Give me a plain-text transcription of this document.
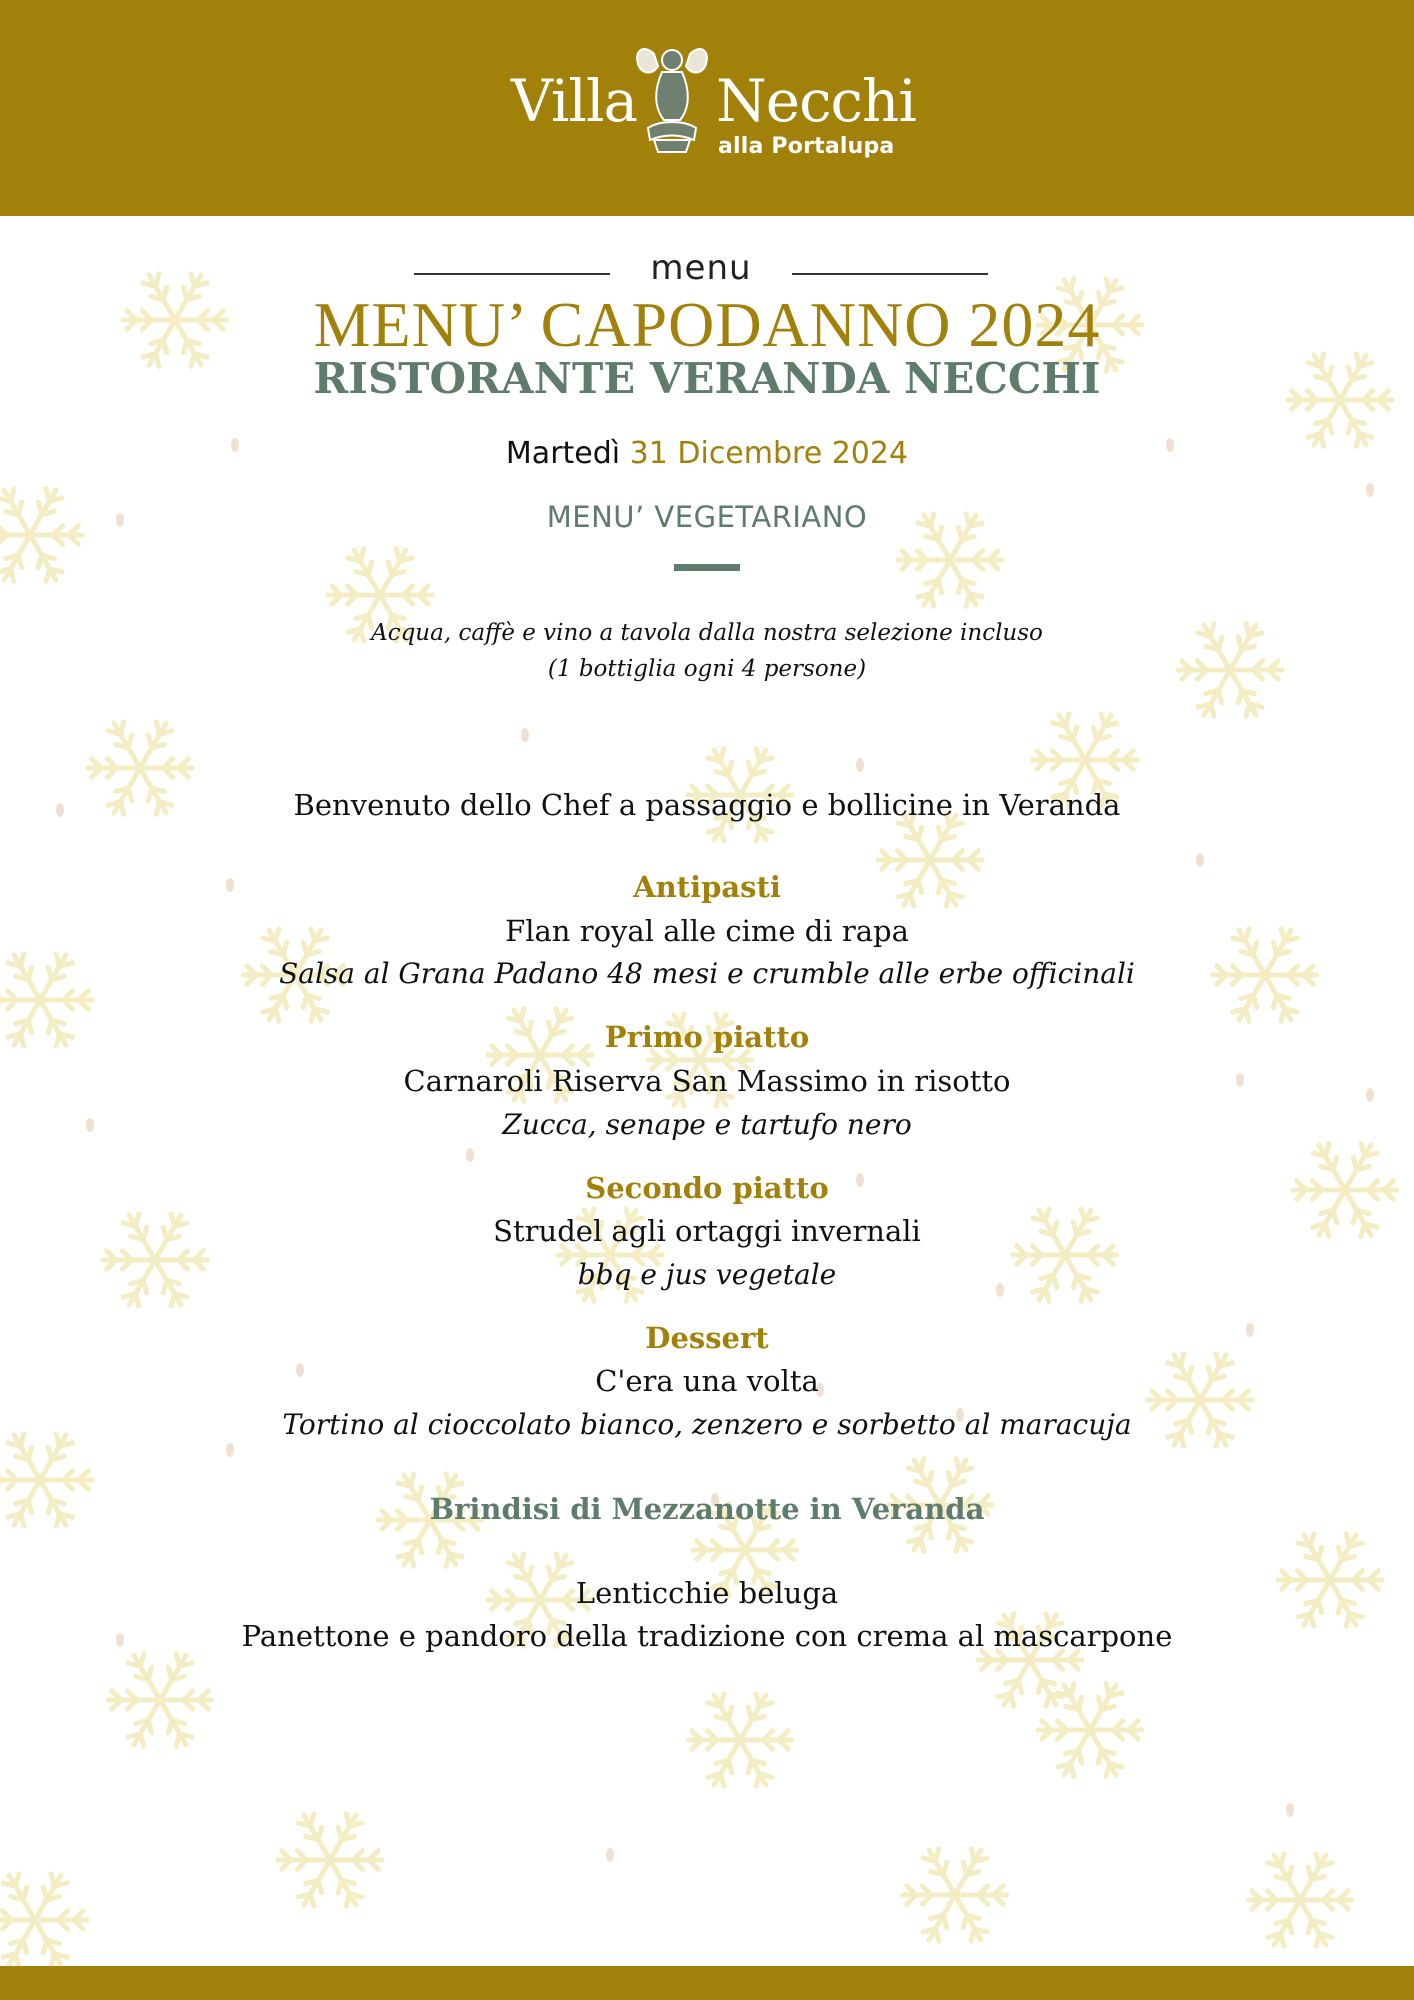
Villa Necchi
alla Portalupa
menu
MENU’ CAPODANNO 2024
RISTORANTE VERANDA NECCHI
Martedì 31 Dicembre 2024
MENU’ VEGETARIANO
Acqua, caffè e vino a tavola dalla nostra selezione incluso
(1 bottiglia ogni 4 persone)
Benvenuto dello Chef a passaggio e bollicine in Veranda
Antipasti
Flan royal alle cime di rapa
Salsa al Grana Padano 48 mesi e crumble alle erbe officinali
Primo piatto
Carnaroli Riserva San Massimo in risotto
Zucca, senape e tartufo nero
Secondo piatto
Strudel agli ortaggi invernali
bbq e jus vegetale
Dessert
C'era una volta
Tortino al cioccolato bianco, zenzero e sorbetto al maracuja
Brindisi di Mezzanotte in Veranda
Lenticchie beluga
Panettone e pandoro della tradizione con crema al mascarpone
